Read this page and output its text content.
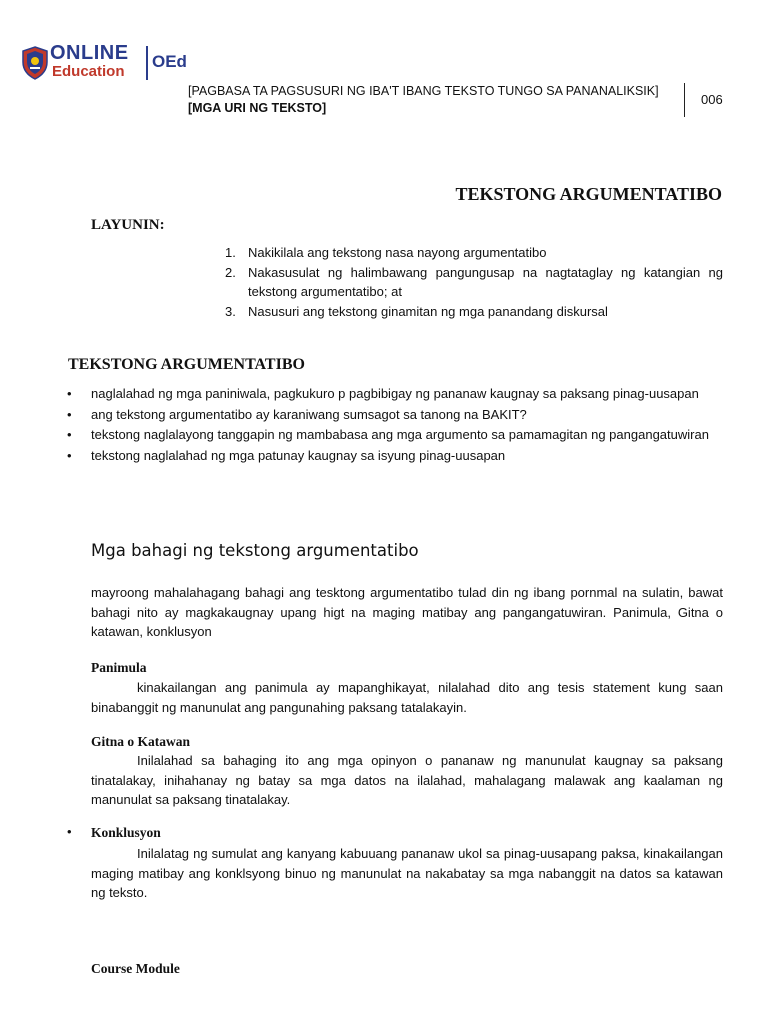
ONLINE
Education
OEd
[PAGBASA TA PAGSUSURI NG IBA'T IBANG TEKSTO TUNGO SA PANANALIKSIK]
[MGA URI NG TEKSTO]
006
TEKSTONG ARGUMENTATIBO
LAYUNIN:
1. Nakikilala ang tekstong nasa nayong argumentatibo
2. Nakasusulat ng halimbawang pangungusap na nagtataglay ng katangian ng tekstong argumentatibo; at
3. Nasusuri ang tekstong ginamitan ng mga panandang diskursal
TEKSTONG ARGUMENTATIBO
• naglalahad ng mga paniniwala, pagkukuro p pagbibigay ng pananaw kaugnay sa paksang pinag-uusapan
• ang tekstong argumentatibo ay karaniwang sumsagot sa tanong na BAKIT?
• tekstong naglalayong tanggapin ng mambabasa ang mga argumento sa pamamagitan ng pangangatuwiran
• tekstong naglalahad ng mga patunay kaugnay sa isyung pinag-uusapan
Mga bahagi ng tekstong argumentatibo

mayroong mahalahagang bahagi ang tesktong argumentatibo tulad din ng ibang pornmal na sulatin, bawat bahagi nito ay magkakaugnay upang higt na maging matibay ang pangangatuwiran. Panimula, Gitna o katawan, konklusyon

Panimula

kinakailangan ang panimula ay mapanghikayat, nilalahad dito ang tesis statement kung saan binabanggit ng manunulat ang pangunahing paksang tatalakayin.

Gitna o Katawan

Inilalahad sa bahaging ito ang mga opinyon o pananaw ng manunulat kaugnay sa paksang tinatalakay, inihahanay ng batay sa mga datos na ilalahad, mahalagang malawak ang kaalaman ng manunulat sa paksang tinatalakay.

• Konklusyon

Inilalatag ng sumulat ang kanyang kabuuang pananaw ukol sa pinag-uusapang paksa, kinakailangan maging matibay ang konklsyong binuo ng manunulat na nakabatay sa mga nabanggit na datos sa katawan ng teksto.

Course Module
